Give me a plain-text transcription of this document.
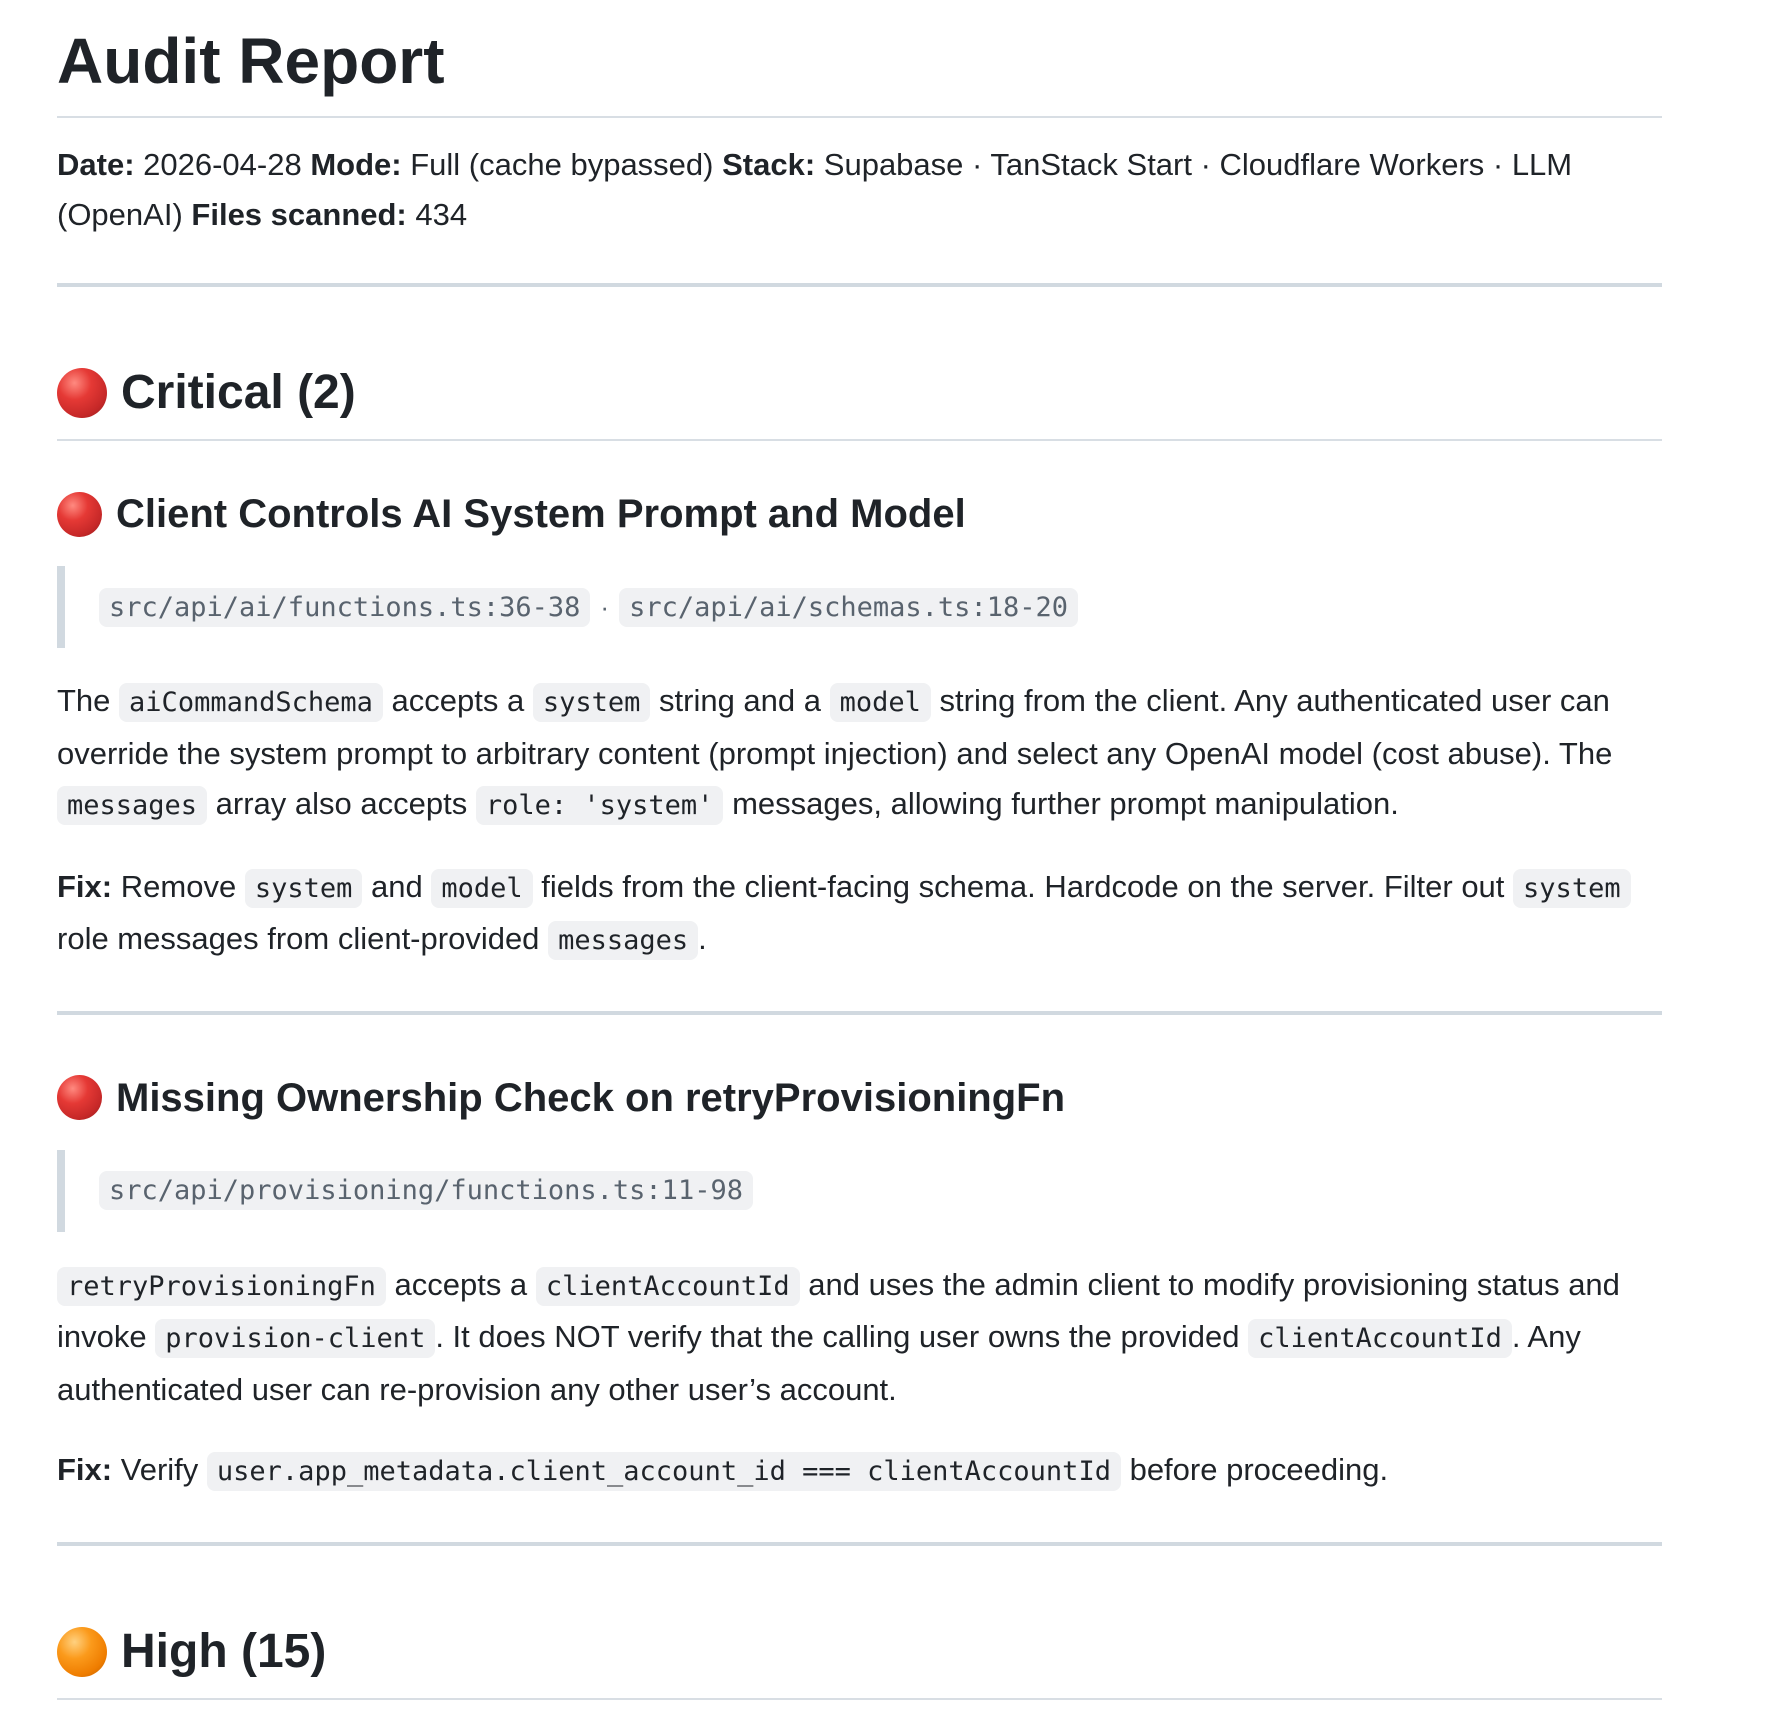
Audit Report

Date: 2026-04-28 Mode: Full (cache bypassed) Stack: Supabase · TanStack Start · Cloudflare Workers · LLM (OpenAI) Files scanned: 434

Critical (2)
Client Controls AI System Prompt and Model
src/api/ai/functions.ts:36-38 · src/api/ai/schemas.ts:18-20

The aiCommandSchema accepts a system string and a model string from the client. Any authenticated user can override the system prompt to arbitrary content (prompt injection) and select any OpenAI model (cost abuse). The messages array also accepts role: 'system' messages, allowing further prompt manipulation.

Fix: Remove system and model fields from the client-facing schema. Hardcode on the server. Filter out system role messages from client-provided messages .

Missing Ownership Check on retryProvisioningFn
src/api/provisioning/functions.ts:11-98

retryProvisioningFn accepts a clientAccountId and uses the admin client to modify provisioning status and invoke provision-client . It does NOT verify that the calling user owns the provided clientAccountId . Any authenticated user can re-provision any other user’s account.

Fix: Verify user.app_metadata.client_account_id === clientAccountId before proceeding.

High (15)
